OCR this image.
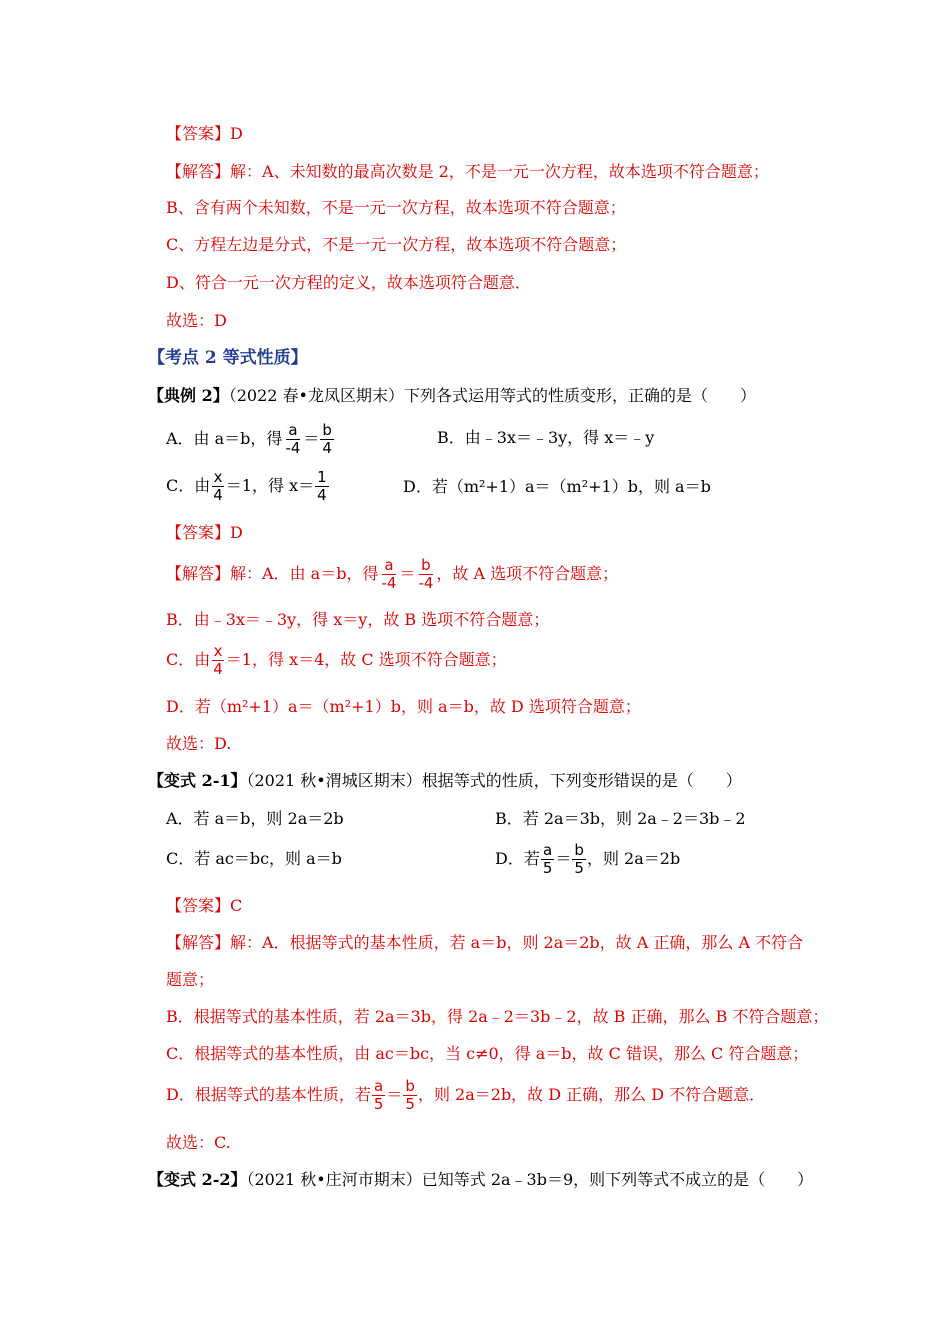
【答案】D
【解答】解：A、未知数的最高次数是 2，不是一元一次方程，故本选项不符合题意；
B、含有两个未知数，不是一元一次方程，故本选项不符合题意；
C、方程左边是分式，不是一元一次方程，故本选项不符合题意；
D、符合一元一次方程的定义，故本选项符合题意．
故选：D
【考点 2 等式性质】
【典例 2】（2022 春•龙凤区期末）下列各式运用等式的性质变形，正确的是（　　）
A．由 a＝b，得 $\frac{a}{-4} = \frac{b}{4}$	B．由﹣3x＝﹣3y，得 x＝﹣y
C．由 $\frac{x}{4} =1$，得 $x= \frac{1}{4}$	D．若（m²+1）a＝（m²+1）b，则 a＝b
【答案】D
【解答】解：A．由 a＝b，得 $\frac{a}{-4} = \frac{b}{-4}$ ，故 A 选项不符合题意；
B．由﹣3x＝﹣3y，得 x＝y，故 B 选项不符合题意；
C．由 $\frac{x}{4} =1$，得 x＝4，故 C 选项不符合题意；
D．若（m²+1）a＝（m²+1）b，则 a＝b，故 D 选项符合题意；
故选：D.
【变式 2-1】（2021 秋•渭城区期末）根据等式的性质，下列变形错误的是（　　）
A．若 a＝b，则 2a＝2b	B．若 2a＝3b，则 2a﹣2＝3b﹣2
C．若 ac＝bc，则 a＝b	D．若 $\frac{a}{5} = \frac{b}{5}$ ，则 2a＝2b
【答案】C
【解答】解：A．根据等式的基本性质，若 a＝b，则 2a＝2b，故 A 正确，那么 A 不符合
题意；
B．根据等式的基本性质，若 2a＝3b，得 2a﹣2＝3b﹣2，故 B 正确，那么 B 不符合题意；
C．根据等式的基本性质，由 ac＝bc，当 c≠0，得 a＝b，故 C 错误，那么 C 符合题意；
D．根据等式的基本性质，若 $\frac{a}{5} = \frac{b}{5}$ ，则 2a＝2b，故 D 正确，那么 D 不符合题意．
故选：C.
【变式 2-2】（2021 秋•庄河市期末）已知等式 2a﹣3b＝9，则下列等式不成立的是（　　）
